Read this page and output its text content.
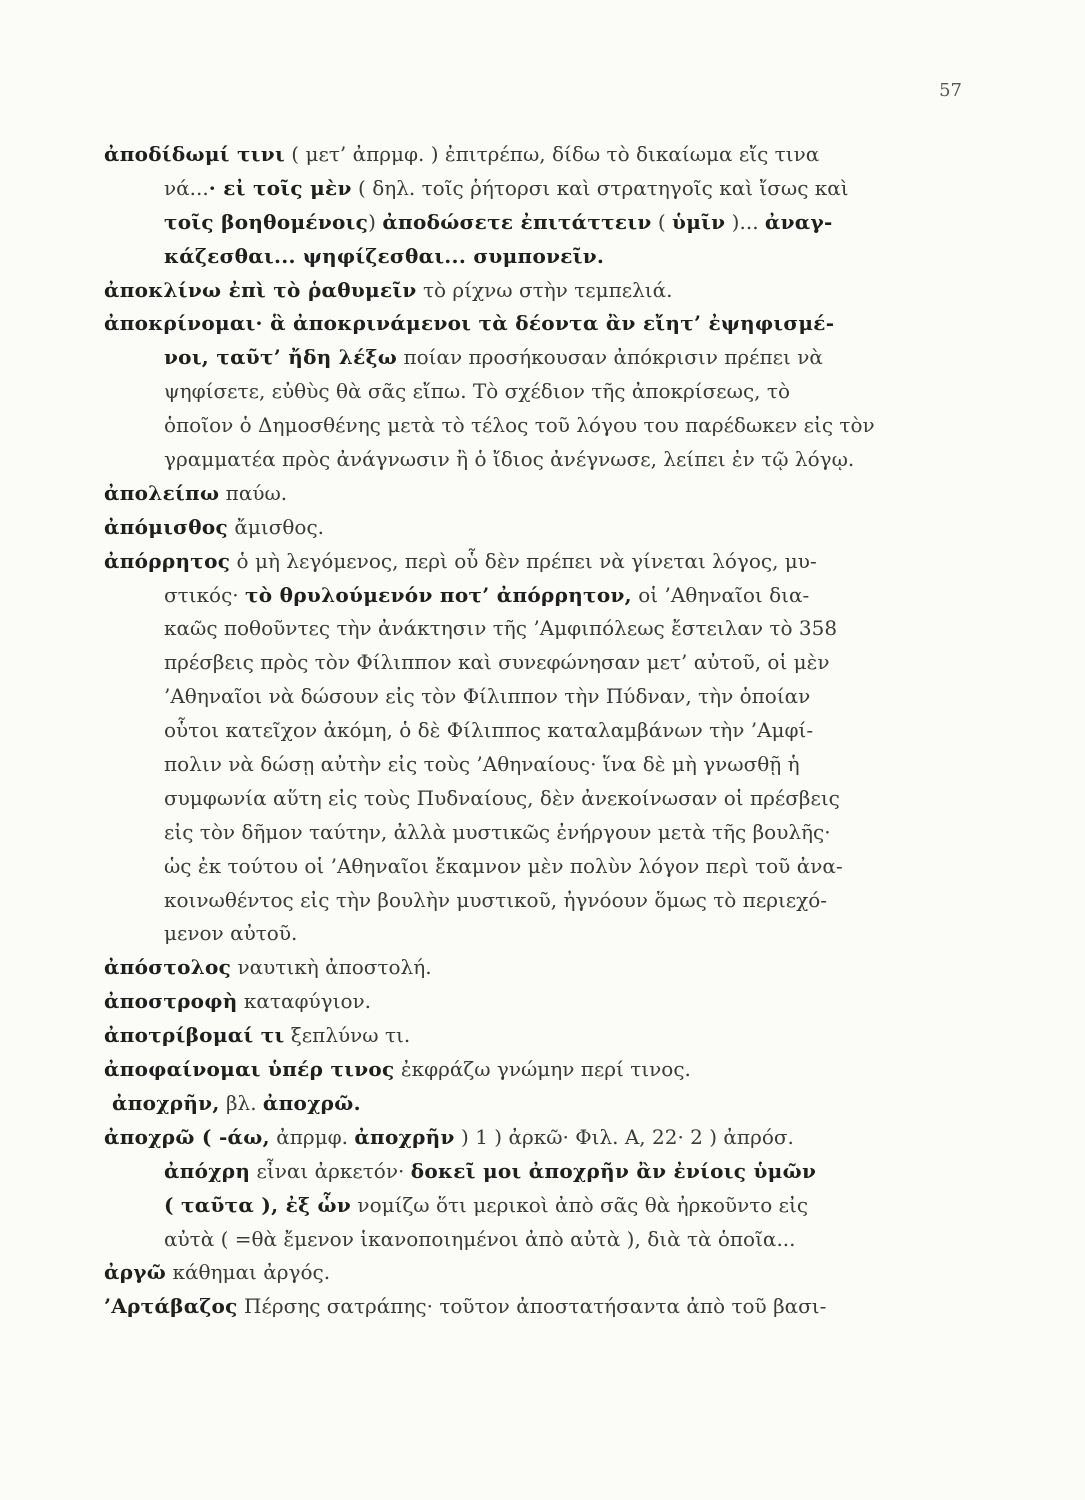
57
ἀποδίδωμί τινι ( μετ’ ἀπρμφ. ) ἐπιτρέπω, δίδω τὸ δικαίωμα εἴς τινα
νά... · εἰ τοῖς μὲν ( δηλ. τοῖς ῥήτορσι καὶ στρατηγοῖς καὶ ἴσως καὶ
τοῖς βοηθομένοις ) ἀποδώσετε ἐπιτάττειν ( ὑμῖν )... ἀναγ-
κάζεσθαι... ψηφίζεσθαι... συμπονεῖν.
ἀποκλίνω ἐπὶ τὸ ῥαθυμεῖν τὸ ρίχνω στὴν τεμπελιά.
ἀποκρίνομαι· ἃ ἀποκρινάμενοι τὰ δέοντα ἂν εἴητ’ ἐψηφισμέ-
νοι, ταῦτ’ ἤδη λέξω ποίαν προσήκουσαν ἀπόκρισιν πρέπει νὰ
ψηφίσετε, εὐθὺς θὰ σᾶς εἴπω. Τὸ σχέδιον τῆς ἀποκρίσεως, τὸ
ὁποῖον ὁ Δημοσθένης μετὰ τὸ τέλος τοῦ λόγου του παρέδωκεν εἰς τὸν
γραμματέα πρὸς ἀνάγνωσιν ἢ ὁ ἴδιος ἀνέγνωσε, λείπει ἐν τῷ λόγῳ.
ἀπολείπω παύω.
ἀπόμισθος ἄμισθος.
ἀπόρρητος ὁ μὴ λεγόμενος, περὶ οὗ δὲν πρέπει νὰ γίνεται λόγος, μυ-
στικός· τὸ θρυλούμενόν ποτ’ ἀπόρρητον, οἱ ’Αθηναῖοι δια-
καῶς ποθοῦντες τὴν ἀνάκτησιν τῆς ’Αμφιπόλεως ἔστειλαν τὸ 358
πρέσβεις πρὸς τὸν Φίλιππον καὶ συνεφώνησαν μετ’ αὐτοῦ, οἱ μὲν
’Αθηναῖοι νὰ δώσουν εἰς τὸν Φίλιππον τὴν Πύδναν, τὴν ὁποίαν
οὗτοι κατεῖχον ἀκόμη, ὁ δὲ Φίλιππος καταλαμβάνων τὴν ’Αμφί-
πολιν νὰ δώσῃ αὐτὴν εἰς τοὺς ’Αθηναίους· ἵνα δὲ μὴ γνωσθῇ ἡ
συμφωνία αὕτη εἰς τοὺς Πυδναίους, δὲν ἀνεκοίνωσαν οἱ πρέσβεις
εἰς τὸν δῆμον ταύτην, ἀλλὰ μυστικῶς ἐνήργουν μετὰ τῆς βουλῆς·
ὡς ἐκ τούτου οἱ ’Αθηναῖοι ἔκαμνον μὲν πολὺν λόγον περὶ τοῦ ἀνα-
κοινωθέντος εἰς τὴν βουλὴν μυστικοῦ, ἠγνόουν ὅμως τὸ περιεχό-
μενον αὐτοῦ.
ἀπόστολος ναυτικὴ ἀποστολή.
ἀποστροφὴ καταφύγιον.
ἀποτρίβομαί τι ξεπλύνω τι.
ἀποφαίνομαι ὑπέρ τινος ἐκφράζω γνώμην περί τινος.
ἀποχρῆν, βλ. ἀποχρῶ.
ἀποχρῶ ( -άω, ἀπρμφ. ἀποχρῆν ) 1 ) ἀρκῶ· Φιλ. Α, 22· 2 ) ἀπρόσ.
ἀπόχρη εἶναι ἀρκετόν· δοκεῖ μοι ἀποχρῆν ἂν ἐνίοις ὑμῶν
( ταῦτα ), ἐξ ὧν νομίζω ὅτι μερικοὶ ἀπὸ σᾶς θὰ ἠρκοῦντο εἰς
αὐτὰ ( =θὰ ἔμενον ἱκανοποιημένοι ἀπὸ αὐτὰ ), διὰ τὰ ὁποῖα...
ἀργῶ κάθημαι ἀργός.
’Αρτάβαζος Πέρσης σατράπης· τοῦτον ἀποστατήσαντα ἀπὸ τοῦ βασι-
